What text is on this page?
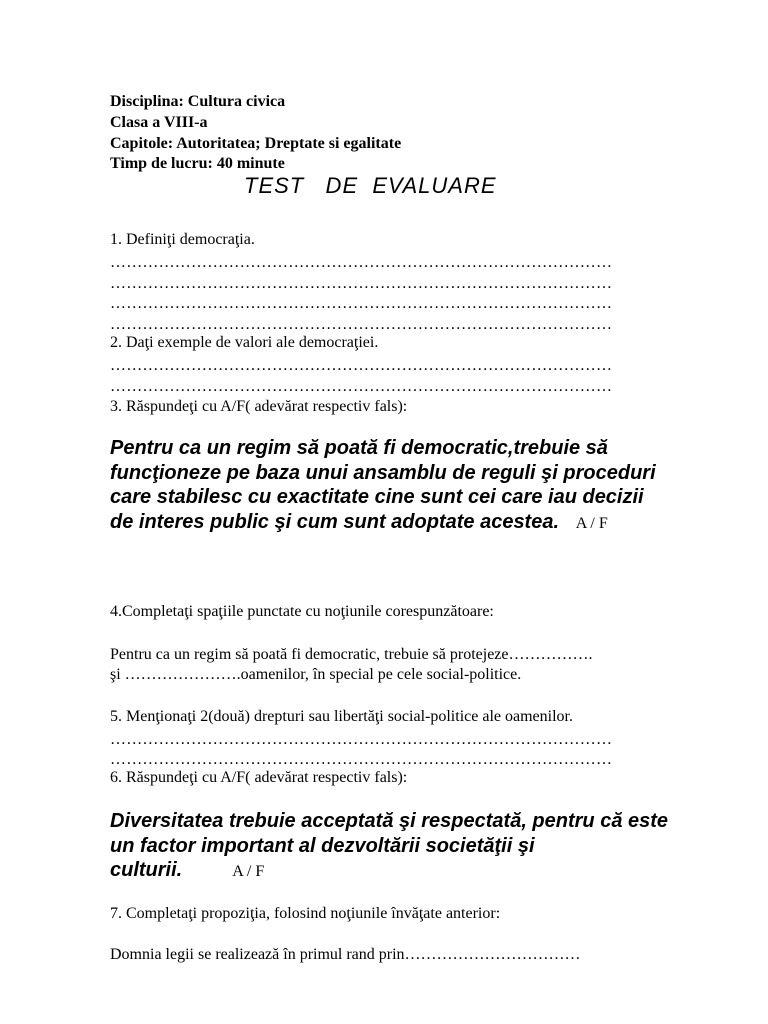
Disciplina: Cultura civica
Clasa a VIII-a
Capitole: Autoritatea; Dreptate si egalitate
Timp de lucru: 40 minute
TEST   DE  EVALUARE
1. Definiţi democraţia.
…………………………………………………………………………………
…………………………………………………………………………………
…………………………………………………………………………………
…………………………………………………………………………………
2. Daţi exemple de valori ale democraţiei.
…………………………………………………………………………………
…………………………………………………………………………………
3. Răspundeţi cu A/F( adevărat respectiv fals):
Pentru ca un regim să poată fi democratic,trebuie să funcţioneze pe baza unui ansamblu de reguli şi proceduri care stabilesc cu exactitate cine sunt cei care iau decizii de interes public şi cum sunt adoptate acestea. A / F
4.Completaţi spaţiile punctate cu noţiunile corespunzătoare:
Pentru ca un regim să poată fi democratic, trebuie să protejeze…………….
şi ………………….oamenilor, în special pe cele social-politice.
5. Menţionaţi 2(două) drepturi sau libertăţi social-politice ale oamenilor.
…………………………………………………………………………………
…………………………………………………………………………………
6. Răspundeţi cu A/F( adevărat respectiv fals):
Diversitatea trebuie acceptată şi respectată, pentru că este un factor important al dezvoltării societăţii şi culturii.	A / F
7. Completaţi propoziţia, folosind noţiunile învăţate anterior:
Domnia legii se realizează în primul rand prin……………………………
